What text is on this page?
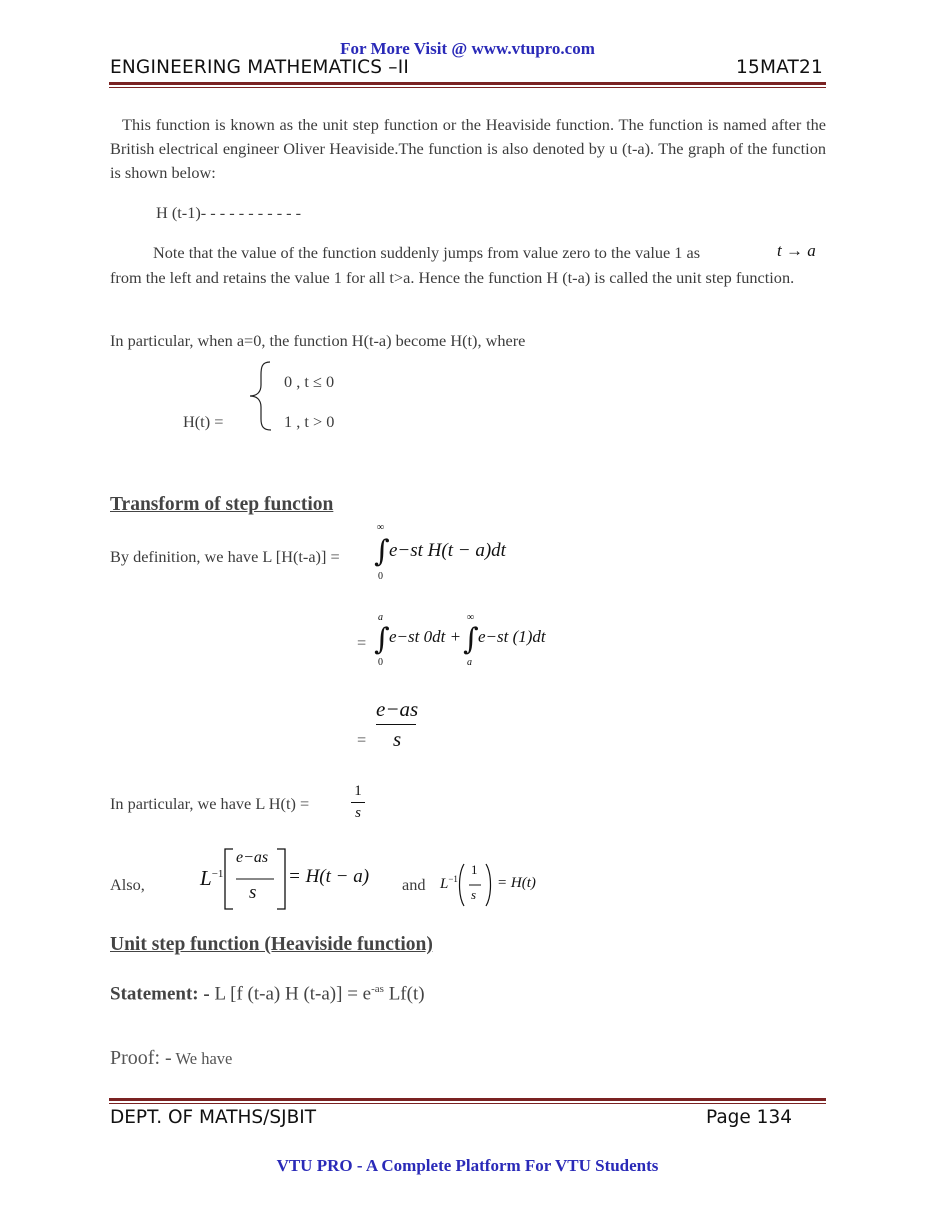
For More Visit @ www.vtupro.com
ENGINEERING MATHEMATICS –II	15MAT21
This function is known as the unit step function or the Heaviside function. The function is named after the British electrical engineer Oliver Heaviside.The function is also denoted by u (t-a). The graph of the function is shown below:
H (t-1)- - - - - - - - - - -
Note that the value of the function suddenly jumps from value zero to the value 1 as	t → a
from the left and retains the value 1 for all t>a. Hence the function H (t-a) is called the unit step function.
In particular, when a=0, the function H(t-a) become H(t), where
0 , t ≤ 0
1 , t > 0
H(t) =
Transform of step function
By definition, we have L [H(t-a)] =
∞
∫
0
e−st H(t − a)dt
=
a
∫
0
e−st 0dt +
∞
∫
a
e−st (1)dt
=
e−as
s
In particular, we have L H(t) =
1
s
Also,	$L^{-1}$
e−as
s
= H(t − a) and $L^{-1}$
1
s
= H(t)
Unit step function (Heaviside function)
Statement: - L [f (t-a) H $(t-a)] = e^{-as}$ Lf(t)
Proof: - We have
DEPT. OF MATHS/SJBIT	Page 134
VTU PRO - A Complete Platform For VTU Students
